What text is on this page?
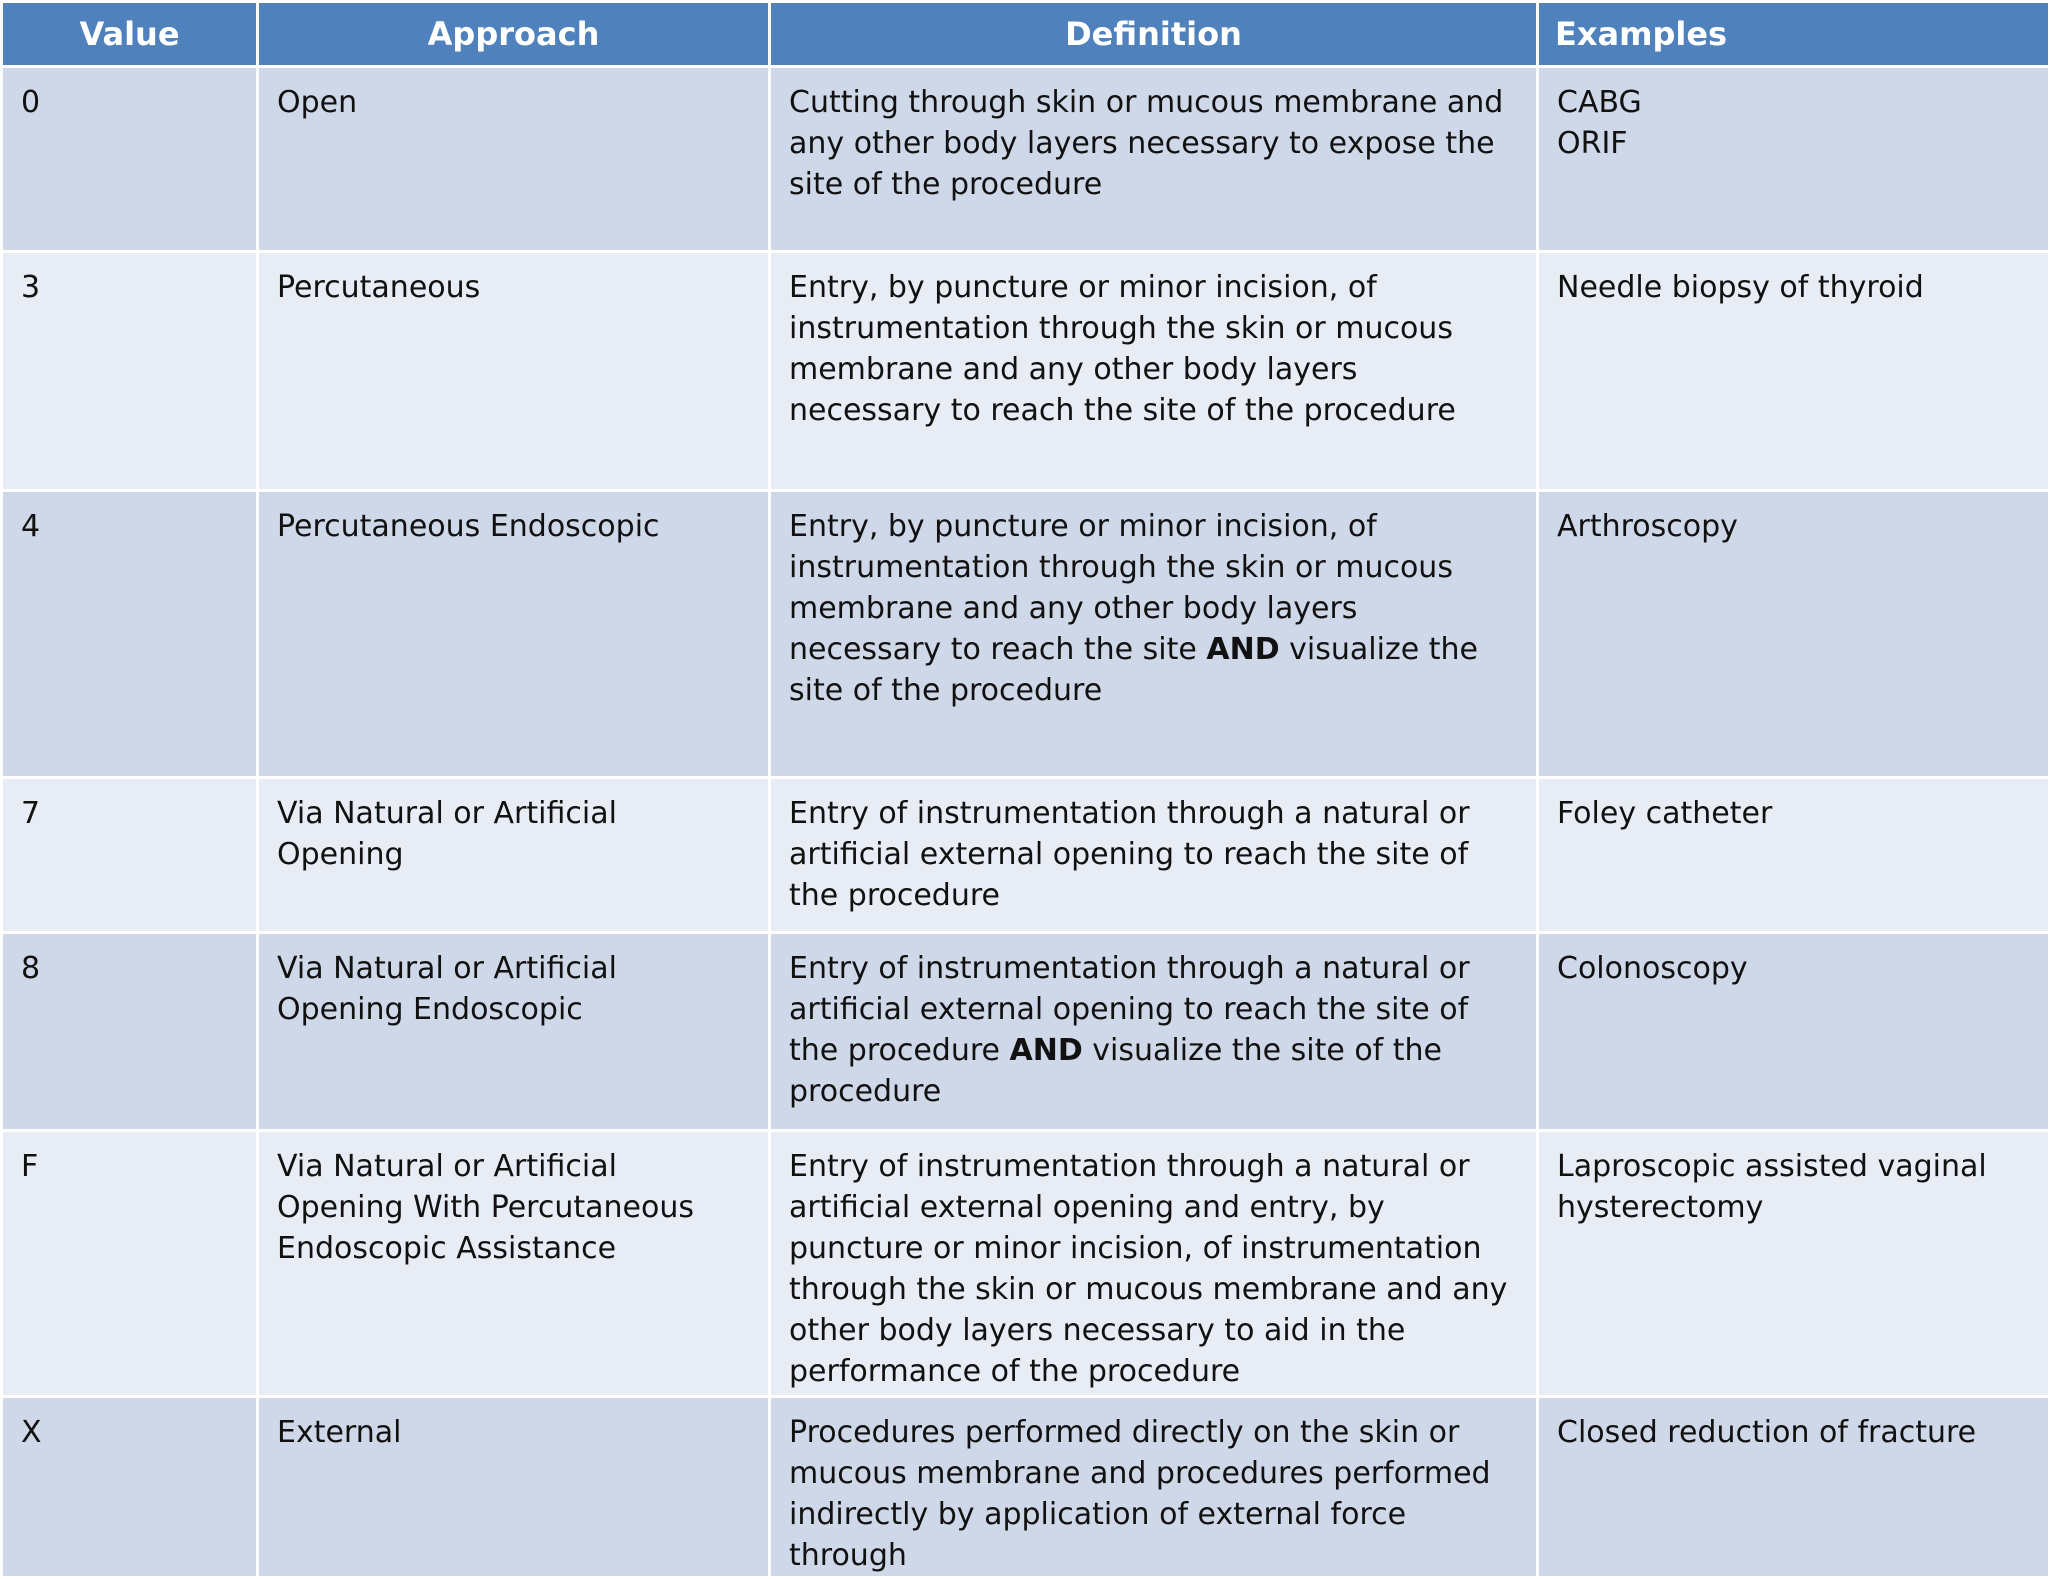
Value	Approach	Definition	Examples
0	Open	Cutting through skin or mucous membrane and any other body layers necessary to expose the site of the procedure	CABG
ORIF

3	Percutaneous	Entry, by puncture or minor incision, of instrumentation through the skin or mucous membrane and any other body layers necessary to reach the site of the procedure	Needle biopsy of thyroid

4	Percutaneous Endoscopic	Entry, by puncture or minor incision, of instrumentation through the skin or mucous membrane and any other body layers necessary to reach the site AND visualize the site of the procedure	Arthroscopy

7	Via Natural or Artificial Opening	Entry of instrumentation through a natural or artificial external opening to reach the site of the procedure	Foley catheter

8	Via Natural or Artificial Opening Endoscopic	Entry of instrumentation through a natural or artificial external opening to reach the site of the procedure AND visualize the site of the procedure	Colonoscopy

F	Via Natural or Artificial Opening With Percutaneous Endoscopic Assistance	Entry of instrumentation through a natural or artificial external opening and entry, by puncture or minor incision, of instrumentation through the skin or mucous membrane and any other body layers necessary to aid in the performance of the procedure	Laproscopic assisted vaginal hysterectomy

X	External	Procedures performed directly on the skin or mucous membrane and procedures performed indirectly by application of external force through	Closed reduction of fracture
